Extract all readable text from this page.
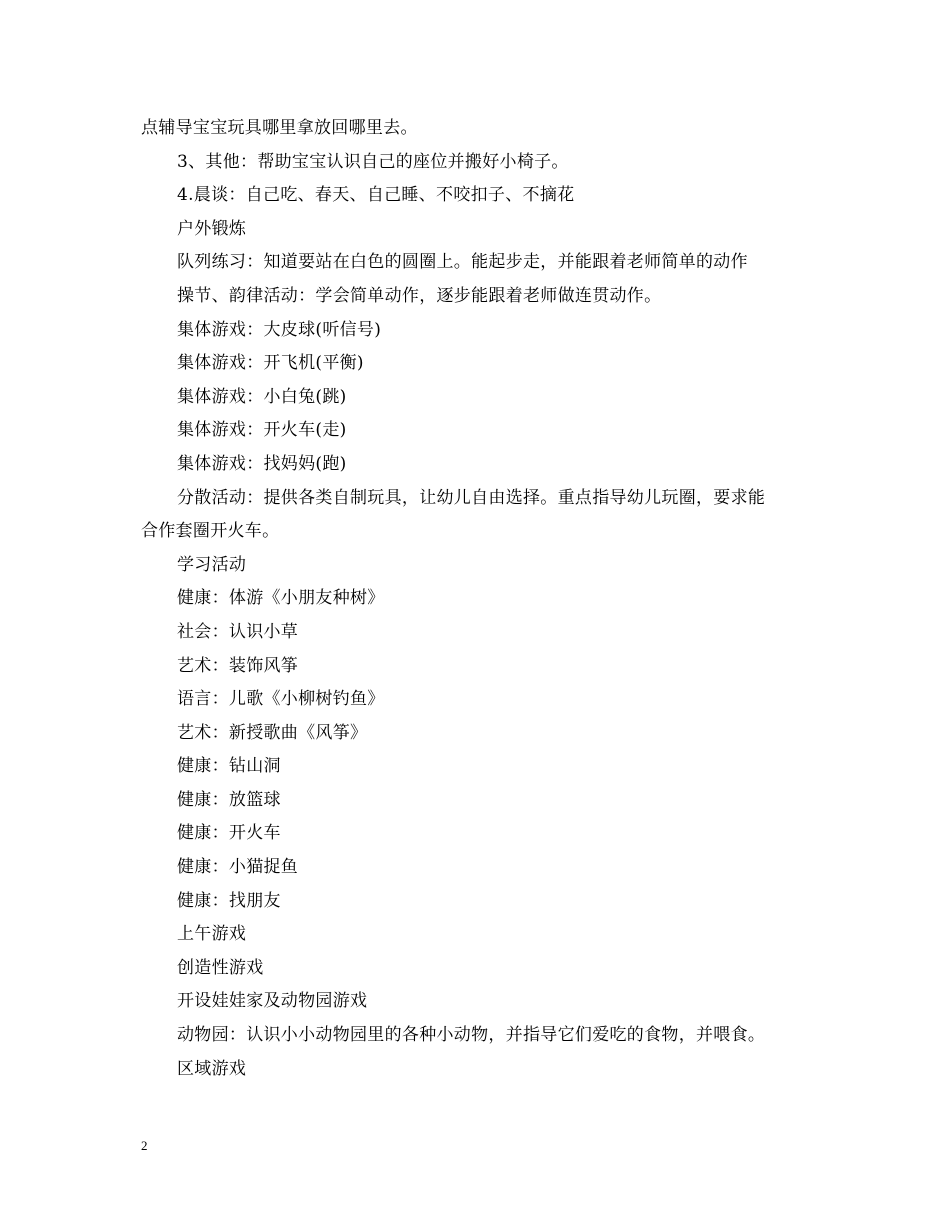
点辅导宝宝玩具哪里拿放回哪里去。
3、其他：帮助宝宝认识自己的座位并搬好小椅子。
4.晨谈：自己吃、春天、自己睡、不咬扣子、不摘花
户外锻炼
队列练习：知道要站在白色的圆圈上。能起步走，并能跟着老师简单的动作
操节、韵律活动：学会简单动作，逐步能跟着老师做连贯动作。
集体游戏：大皮球(听信号)
集体游戏：开飞机(平衡)
集体游戏：小白兔(跳)
集体游戏：开火车(走)
集体游戏：找妈妈(跑)
分散活动：提供各类自制玩具，让幼儿自由选择。重点指导幼儿玩圈，要求能
合作套圈开火车。
学习活动
健康：体游《小朋友种树》
社会：认识小草
艺术：装饰风筝
语言：儿歌《小柳树钓鱼》
艺术：新授歌曲《风筝》
健康：钻山洞
健康：放篮球
健康：开火车
健康：小猫捉鱼
健康：找朋友
上午游戏
创造性游戏
开设娃娃家及动物园游戏
动物园：认识小小动物园里的各种小动物，并指导它们爱吃的食物，并喂食。
区域游戏
2
